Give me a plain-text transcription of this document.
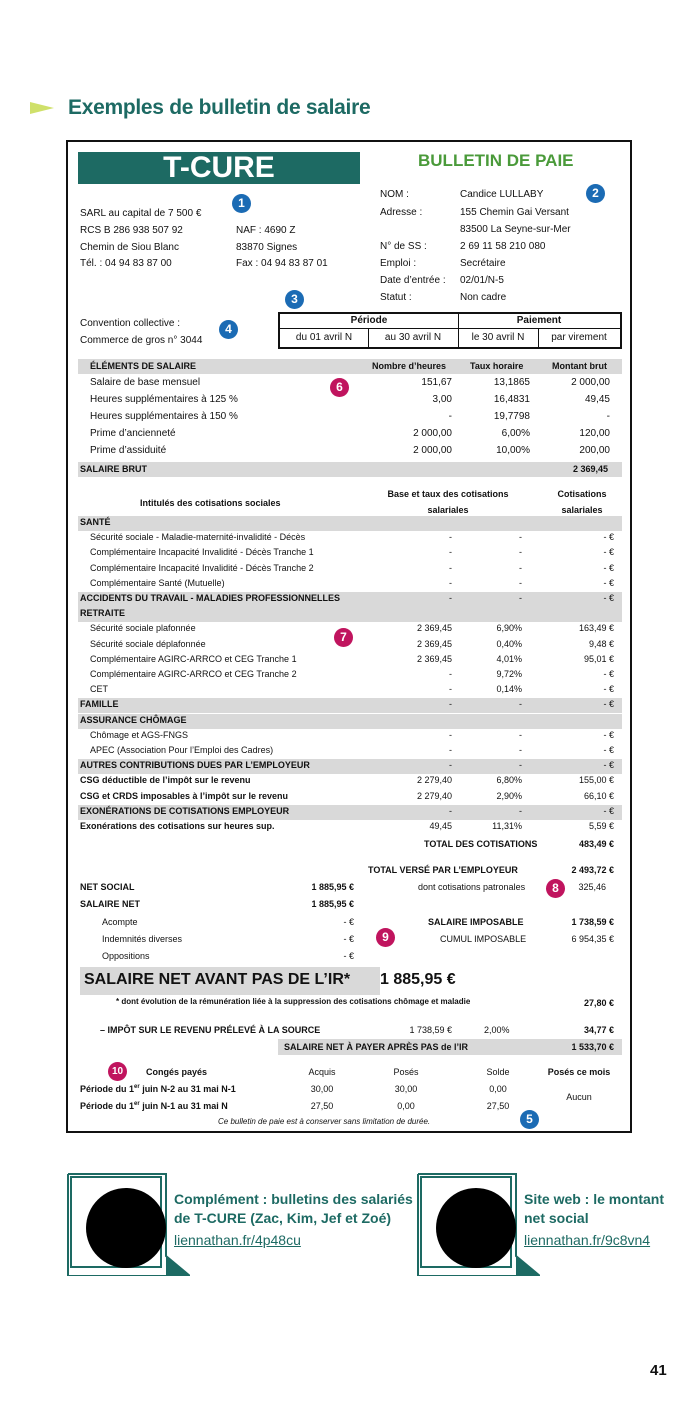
Exemples de bulletin de salaire
T-CURE	BULLETIN DE PAIE
1
2
SARL au capital de 7 500 €
RCS B 286 938 507 92	NAF : 4690 Z
Chemin de Siou Blanc	83870 Signes
Tél. : 04 94 83 87 00	Fax : 04 94 83 87 01
NOM :	Candice LULLABY
Adresse :	155 Chemin Gai Versant
83500 La Seyne-sur-Mer
N° de SS :	2 69 11 58 210 080
Emploi :	Secrétaire
Date d’entrée : 02/01/N-5
Statut :	Non cadre
3
Convention collective :
Commerce de gros n° 3044
4
Période	Paiement
du 01 avril N	au 30 avril N	le 30 avril N	par virement
ÉLÉMENTS DE SALAIRE	Nombre d’heures	Taux horaire	Montant brut
6
Salaire de base mensuel	151,67	13,1865	2 000,00
Heures supplémentaires à 125 %	3,00	16,4831	49,45
Heures supplémentaires à 150 %	-	19,7798	-
Prime d’ancienneté	2 000,00	6,00%	120,00
Prime d’assiduité	2 000,00	10,00%	200,00
SALAIRE BRUT	2 369,45
Intitulés des cotisations sociales
Base et taux des cotisations
salariales
Cotisations
salariales
SANTÉ
Sécurité sociale - Maladie-maternité-invalidité - Décès	-	-	- €
Complémentaire Incapacité Invalidité - Décès Tranche 1	-	-	- €
Complémentaire Incapacité Invalidité - Décès Tranche 2	-	-	- €
Complémentaire Santé (Mutuelle)	-	-	- €
ACCIDENTS DU TRAVAIL - MALADIES PROFESSIONNELLES	-	-	- €
RETRAITE
Sécurité sociale plafonnée	2 369,45	6,90%	163,49 €
Sécurité sociale déplafonnée	2 369,45	0,40%	9,48 €
Complémentaire AGIRC-ARRCO et CEG Tranche 1	2 369,45	4,01%	95,01 €
Complémentaire AGIRC-ARRCO et CEG Tranche 2	-	9,72%	- €
CET	-	0,14%	- €
FAMILLE	-	-	- €
ASSURANCE CHÔMAGE
Chômage et AGS-FNGS	-	-	- €
APEC (Association Pour l’Emploi des Cadres)	-	-	- €
AUTRES CONTRIBUTIONS DUES PAR L’EMPLOYEUR	-	-	- €
CSG déductible de l’impôt sur le revenu	2 279,40	6,80%	155,00 €
CSG et CRDS imposables à l’impôt sur le revenu	2 279,40	2,90%	66,10 €
EXONÉRATIONS DE COTISATIONS EMPLOYEUR	-	-	- €
Exonérations des cotisations sur heures sup.	49,45	11,31%	5,59 €
7
TOTAL DES COTISATIONS	483,49 €
TOTAL VERSÉ PAR L’EMPLOYEUR	2 493,72 €
dont cotisations patronales	8	325,46
NET SOCIAL	1 885,95 €
SALAIRE NET	1 885,95 €
Acompte	- €
Indemnités diverses	- €
Oppositions	- €
9
SALAIRE IMPOSABLE	1 738,59 €
CUMUL IMPOSABLE	6 954,35 €
SALAIRE NET AVANT PAS DE L’IR* 1 885,95 €
* dont évolution de la rémunération liée à la suppression des cotisations chômage et maladie	27,80 €
– IMPÔT SUR LE REVENU PRÉLEVÉ À LA SOURCE	1 738,59 €	2,00%	34,77 €
SALAIRE NET À PAYER APRÈS PAS de l’IR	1 533,70 €
10	Congés payés	Acquis	Posés	Solde	Posés ce mois
Période du 1er juin N-2 au 31 mai N-1	30,00	30,00	0,00
Aucun
Période du 1er juin N-1 au 31 mai N	27,50	0,00	27,50
Ce bulletin de paie est à conserver sans limitation de durée.	5
Complément : bulletins des salariés
de T-CURE (Zac, Kim, Jef et Zoé)
liennathan.fr/4p48cu
Site web : le montant
net social
liennathan.fr/9c8vn4
41
